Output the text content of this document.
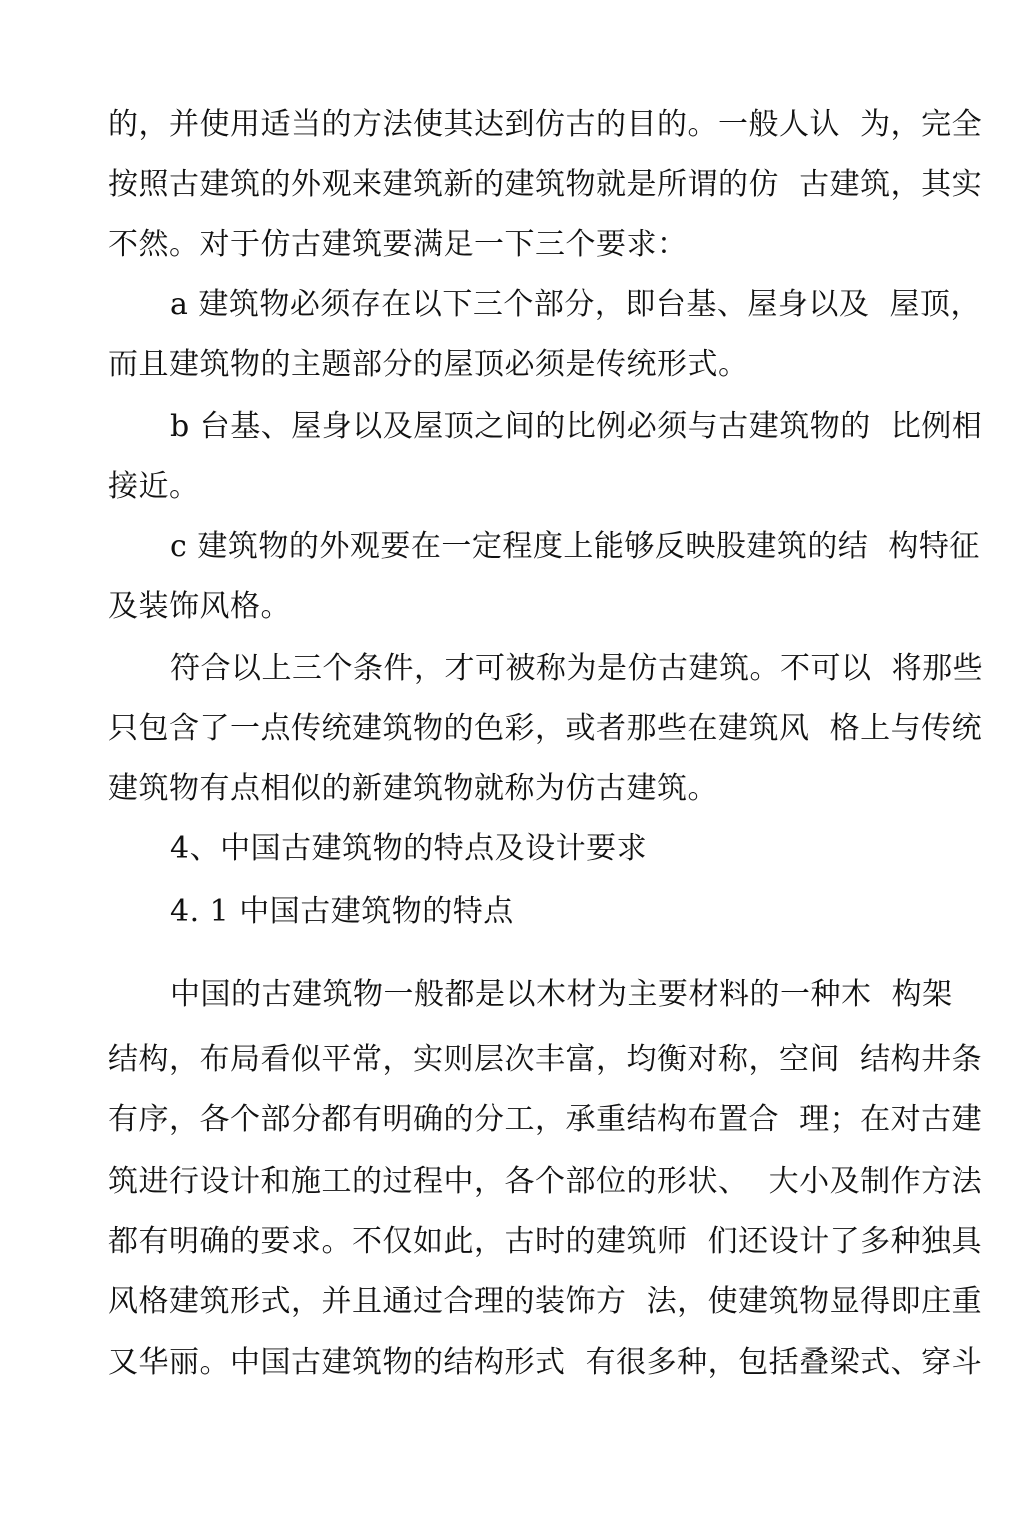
的，并使用适当的方法使其达到仿古的目的。一般人认  为，完全
按照古建筑的外观来建筑新的建筑物就是所谓的仿  古建筑，其实
不然。对于仿古建筑要满足一下三个要求：
a 建筑物必须存在以下三个部分，即台基、屋身以及  屋顶，
而且建筑物的主题部分的屋顶必须是传统形式。
b 台基、屋身以及屋顶之间的比例必须与古建筑物的  比例相
接近。
c 建筑物的外观要在一定程度上能够反映股建筑的结  构特征
及装饰风格。
符合以上三个条件，才可被称为是仿古建筑。不可以  将那些
只包含了一点传统建筑物的色彩，或者那些在建筑风  格上与传统
建筑物有点相似的新建筑物就称为仿古建筑。
4、中国古建筑物的特点及设计要求
4. 1 中国古建筑物的特点
中国的古建筑物一般都是以木材为主要材料的一种木  构架
结构，布局看似平常，实则层次丰富，均衡对称，空间  结构井条
有序，各个部分都有明确的分工，承重结构布置合  理；在对古建
筑进行设计和施工的过程中，各个部位的形状、  大小及制作方法
都有明确的要求。不仅如此，古时的建筑师  们还设计了多种独具
风格建筑形式，并且通过合理的装饰方  法，使建筑物显得即庄重
又华丽。中国古建筑物的结构形式  有很多种，包括叠梁式、穿斗
